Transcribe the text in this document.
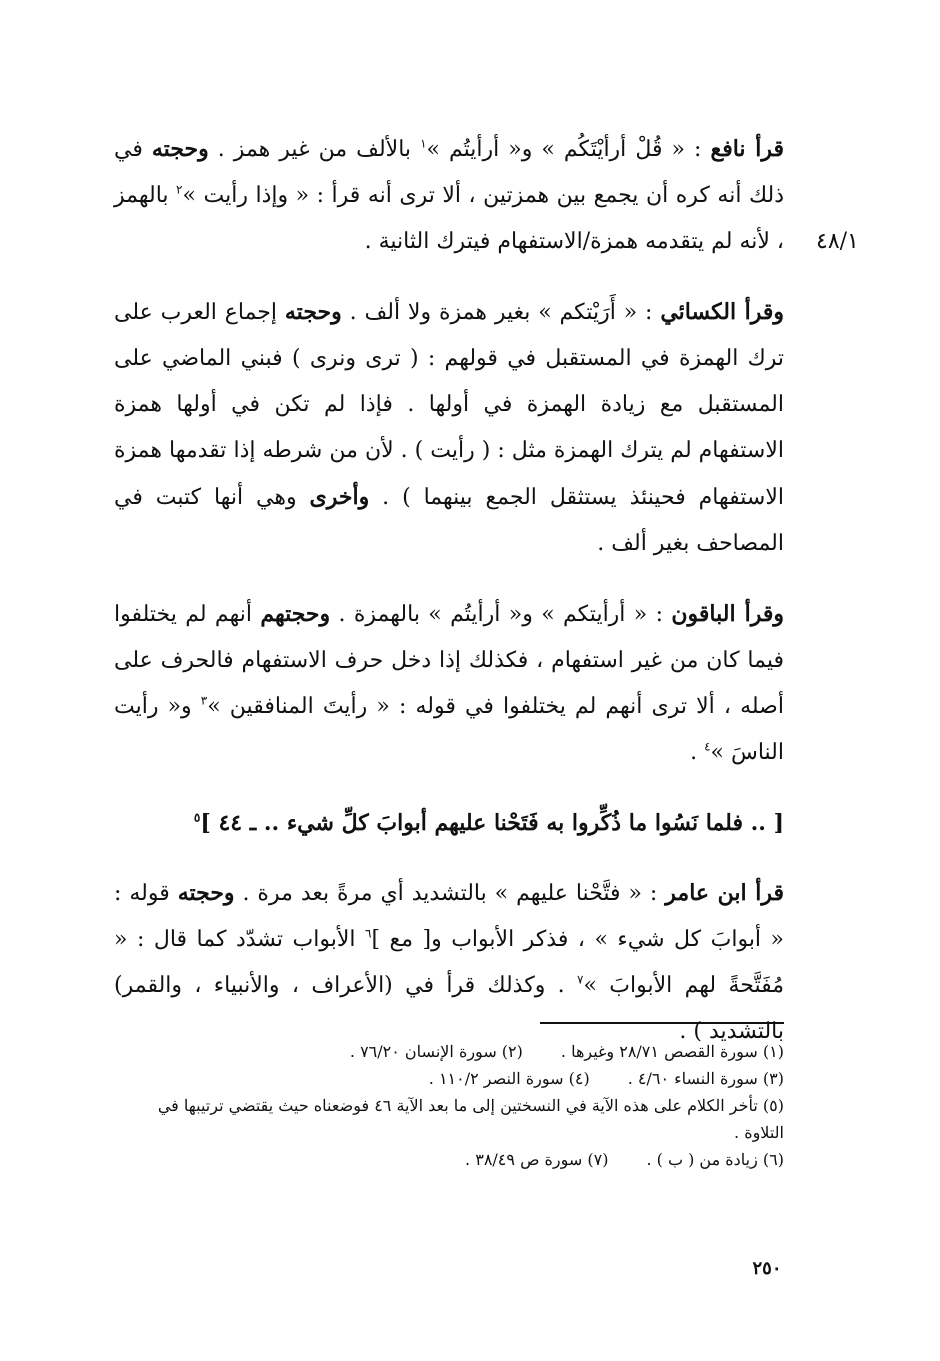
٤٨/١

قرأ نافع : « قُلْ أرأيْتَكُم » و« أرأيتُم »$^١$ بالألف من غير همز . وحجته في ذلك أنه كره أن يجمع بين همزتين ، ألا ترى أنه قرأ : « وإذا رأيت »$^٢$ بالهمز ، لأنه لم يتقدمه همزة/الاستفهام فيترك الثانية .

وقرأ الكسائي : « أَرَيْتكم » بغير همزة ولا ألف . وحجته إجماع العرب على ترك الهمزة في المستقبل في قولهم : ( ترى ونرى ) فبني الماضي على المستقبل مع زيادة الهمزة في أولها . فإذا لم تكن في أولها همزة الاستفهام لم يترك الهمزة مثل : ( رأيت ) . لأن من شرطه إذا تقدمها همزة الاستفهام فحينئذ يستثقل الجمع بينهما ) . وأخرى وهي أنها كتبت في المصاحف بغير ألف .

وقرأ الباقون : « أرأيتكم » و« أرأيتُم » بالهمزة . وحجتهم أنهم لم يختلفوا فيما كان من غير استفهام ، فكذلك إذا دخل حرف الاستفهام فالحرف على أصله ، ألا ترى أنهم لم يختلفوا في قوله : « رأيتَ المنافقين »$^٣$ و« رأيت الناسَ »$^٤$ .

[ .. فلما نَسُوا ما ذُكِّروا به فَتَحْنا عليهم أبوابَ كلِّ شيء .. ـ ٤٤ ]$^٥$

قرأ ابن عامر : « فتَّحْنا عليهم » بالتشديد أي مرةً بعد مرة . وحجته قوله : « أبوابَ كل شيء » ، فذكر الأبواب و[ مع ]$^٦$ الأبواب تشدّد كما قال : « مُفَتَّحةً لهم الأبوابَ »$^٧$ . وكذلك قرأ في (الأعراف ، والأنبياء ، والقمر) بالتشديد ) .

(١) سورة القصص ٢٨/٧١ وغيرها .
(٢) سورة الإنسان ٧٦/٢٠ .
(٣) سورة النساء ٤/٦٠ .
(٤) سورة النصر ١١٠/٢ .
(٥) تأخر الكلام على هذه الآية في النسختين إلى ما بعد الآية ٤٦ فوضعناه حيث يقتضي ترتيبها في التلاوة .
(٦) زيادة من ( ب ) .
(٧) سورة ص ٣٨/٤٩ .
٢٥٠
